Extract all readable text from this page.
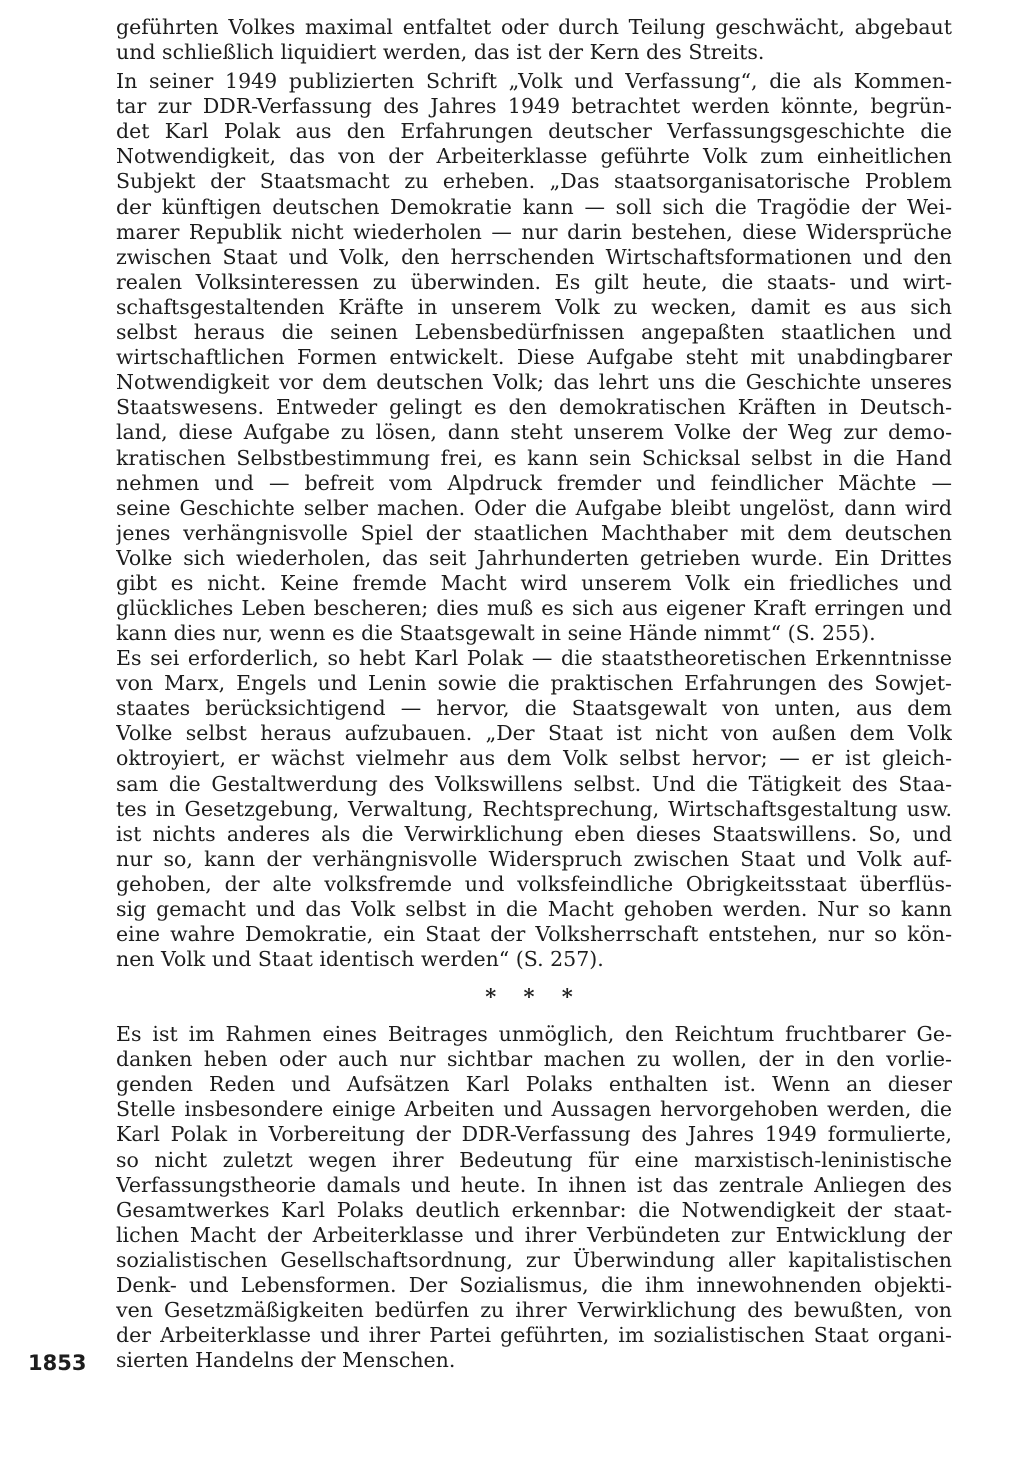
geführten Volkes maximal entfaltet oder durch Teilung geschwächt, abgebaut
und schließlich liquidiert werden, das ist der Kern des Streits.
In seiner 1949 publizierten Schrift „Volk und Verfassung“, die als Kommen-
tar zur DDR-Verfassung des Jahres 1949 betrachtet werden könnte, begrün-
det Karl Polak aus den Erfahrungen deutscher Verfassungsgeschichte die
Notwendigkeit, das von der Arbeiterklasse geführte Volk zum einheitlichen
Subjekt der Staatsmacht zu erheben. „Das staatsorganisatorische Problem
der künftigen deutschen Demokratie kann — soll sich die Tragödie der Wei-
marer Republik nicht wiederholen — nur darin bestehen, diese Widersprüche
zwischen Staat und Volk, den herrschenden Wirtschaftsformationen und den
realen Volksinteressen zu überwinden. Es gilt heute, die staats- und wirt-
schaftsgestaltenden Kräfte in unserem Volk zu wecken, damit es aus sich
selbst heraus die seinen Lebensbedürfnissen angepaßten staatlichen und
wirtschaftlichen Formen entwickelt. Diese Aufgabe steht mit unabdingbarer
Notwendigkeit vor dem deutschen Volk; das lehrt uns die Geschichte unseres
Staatswesens. Entweder gelingt es den demokratischen Kräften in Deutsch-
land, diese Aufgabe zu lösen, dann steht unserem Volke der Weg zur demo-
kratischen Selbstbestimmung frei, es kann sein Schicksal selbst in die Hand
nehmen und — befreit vom Alpdruck fremder und feindlicher Mächte —
seine Geschichte selber machen. Oder die Aufgabe bleibt ungelöst, dann wird
jenes verhängnisvolle Spiel der staatlichen Machthaber mit dem deutschen
Volke sich wiederholen, das seit Jahrhunderten getrieben wurde. Ein Drittes
gibt es nicht. Keine fremde Macht wird unserem Volk ein friedliches und
glückliches Leben bescheren; dies muß es sich aus eigener Kraft erringen und
kann dies nur, wenn es die Staatsgewalt in seine Hände nimmt“ (S. 255).
Es sei erforderlich, so hebt Karl Polak — die staatstheoretischen Erkenntnisse
von Marx, Engels und Lenin sowie die praktischen Erfahrungen des Sowjet-
staates berücksichtigend — hervor, die Staatsgewalt von unten, aus dem
Volke selbst heraus aufzubauen. „Der Staat ist nicht von außen dem Volk
oktroyiert, er wächst vielmehr aus dem Volk selbst hervor; — er ist gleich-
sam die Gestaltwerdung des Volkswillens selbst. Und die Tätigkeit des Staa-
tes in Gesetzgebung, Verwaltung, Rechtsprechung, Wirtschaftsgestaltung usw.
ist nichts anderes als die Verwirklichung eben dieses Staatswillens. So, und
nur so, kann der verhängnisvolle Widerspruch zwischen Staat und Volk auf-
gehoben, der alte volksfremde und volksfeindliche Obrigkeitsstaat überflüs-
sig gemacht und das Volk selbst in die Macht gehoben werden. Nur so kann
eine wahre Demokratie, ein Staat der Volksherrschaft entstehen, nur so kön-
nen Volk und Staat identisch werden“ (S. 257).
Es ist im Rahmen eines Beitrages unmöglich, den Reichtum fruchtbarer Ge-
danken heben oder auch nur sichtbar machen zu wollen, der in den vorlie-
genden Reden und Aufsätzen Karl Polaks enthalten ist. Wenn an dieser
Stelle insbesondere einige Arbeiten und Aussagen hervorgehoben werden, die
Karl Polak in Vorbereitung der DDR-Verfassung des Jahres 1949 formulierte,
so nicht zuletzt wegen ihrer Bedeutung für eine marxistisch-leninistische
Verfassungstheorie damals und heute. In ihnen ist das zentrale Anliegen des
Gesamtwerkes Karl Polaks deutlich erkennbar: die Notwendigkeit der staat-
lichen Macht der Arbeiterklasse und ihrer Verbündeten zur Entwicklung der
sozialistischen Gesellschaftsordnung, zur Überwindung aller kapitalistischen
Denk- und Lebensformen. Der Sozialismus, die ihm innewohnenden objekti-
ven Gesetzmäßigkeiten bedürfen zu ihrer Verwirklichung des bewußten, von
der Arbeiterklasse und ihrer Partei geführten, im sozialistischen Staat organi-
sierten Handelns der Menschen.
* * *
1853
